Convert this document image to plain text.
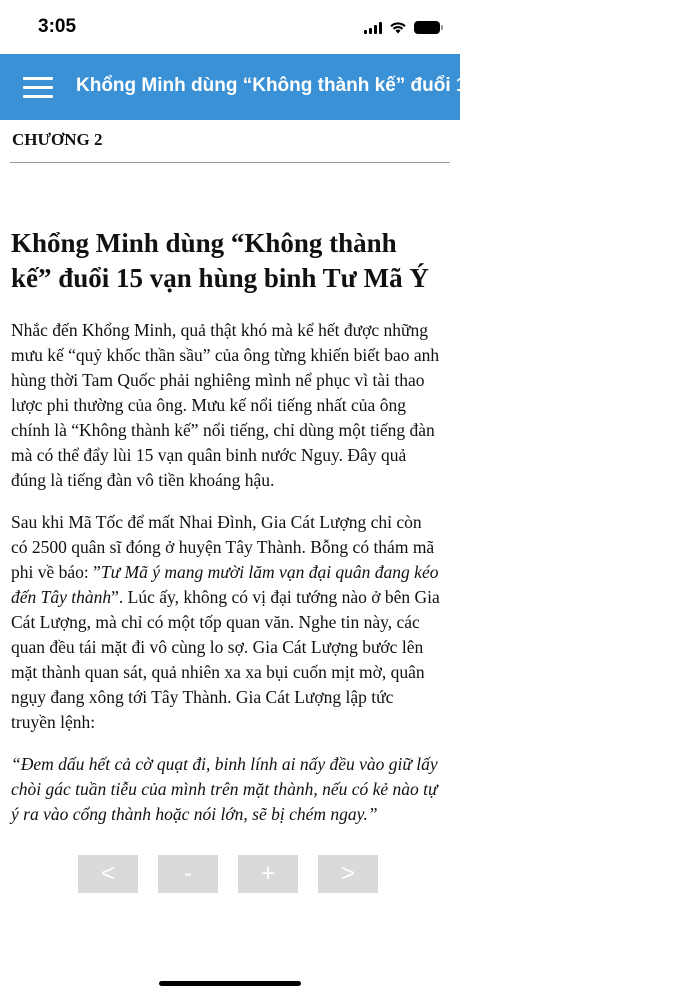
3:05
Khổng Minh dùng “Không thành kế” đuổi 15 vạn hùng binh Tư Mã Ý
CHƯƠNG 2
Khổng Minh dùng “Không thành kế” đuổi 15 vạn hùng binh Tư Mã Ý

Nhắc đến Khổng Minh, quả thật khó mà kể hết được những mưu kế “quỷ khốc thần sầu” của ông từng khiến biết bao anh hùng thời Tam Quốc phải nghiêng mình nể phục vì tài thao lược phi thường của ông. Mưu kế nổi tiếng nhất của ông chính là “Không thành kế” nổi tiếng, chỉ dùng một tiếng đàn mà có thể đẩy lùi 15 vạn quân binh nước Nguy. Đây quả đúng là tiếng đàn vô tiền khoáng hậu.

Sau khi Mã Tốc để mất Nhai Đình, Gia Cát Lượng chỉ còn có 2500 quân sĩ đóng ở huyện Tây Thành. Bỗng có thám mã phi về báo: ”Tư Mã ý mang mười lăm vạn đại quân đang kéo đến Tây thành”. Lúc ấy, không có vị đại tướng nào ở bên Gia Cát Lượng, mà chỉ có một tốp quan văn. Nghe tin này, các quan đều tái mặt đi vô cùng lo sợ. Gia Cát Lượng bước lên mặt thành quan sát, quả nhiên xa xa bụi cuốn mịt mờ, quân ngụy đang xông tới Tây Thành. Gia Cát Lượng lập tức truyền lệnh:

“Đem dấu hết cả cờ quạt đi, binh lính ai nấy đều vào giữ lấy chòi gác tuần tiễu của mình trên mặt thành, nếu có kẻ nào tự ý ra vào cổng thành hoặc nói lớn, sẽ bị chém ngay.”

<	-	+	>
